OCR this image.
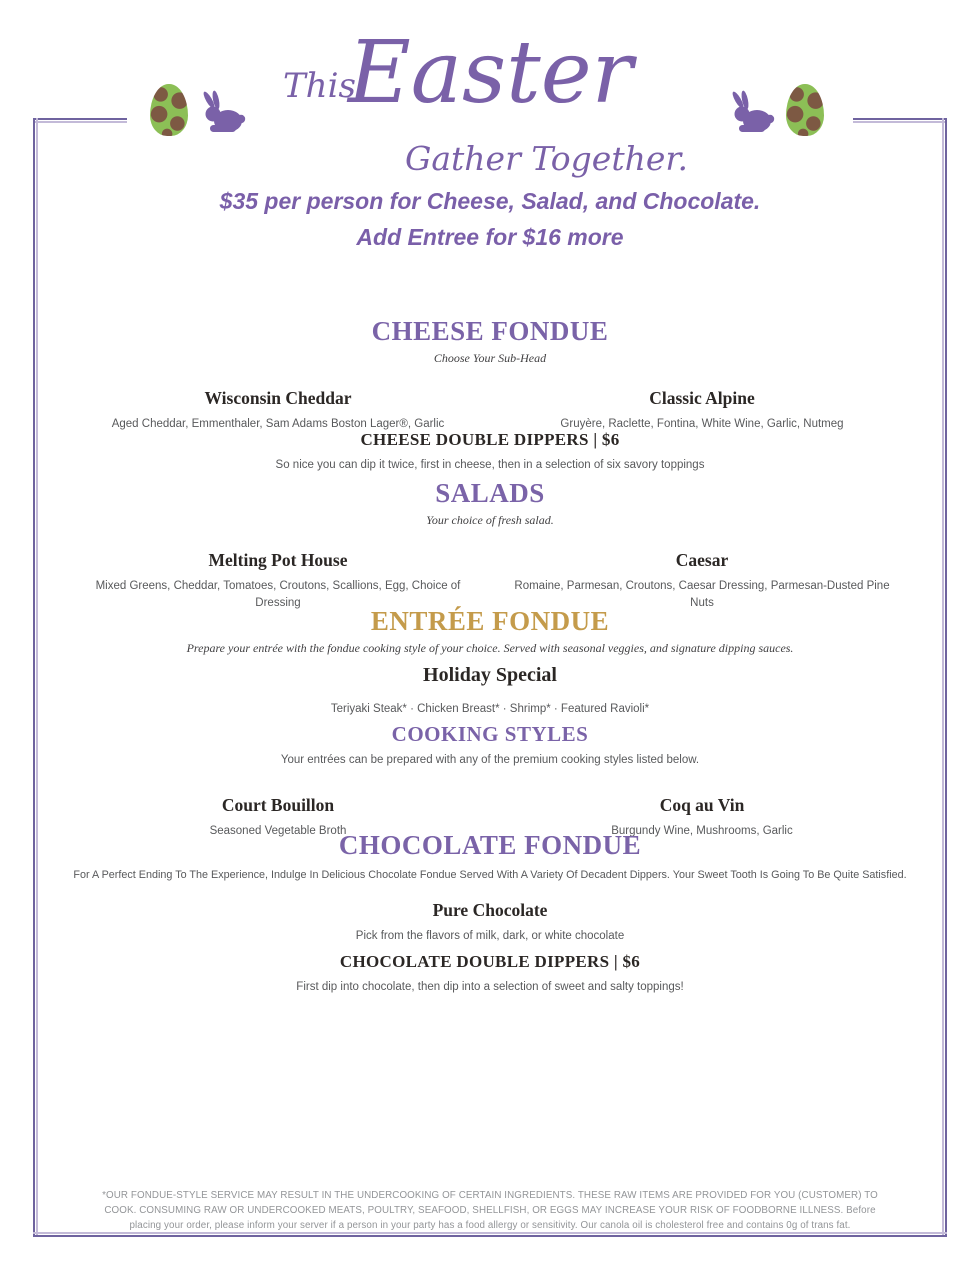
This
Easter
Gather Together.
$35 per person for Cheese, Salad, and Chocolate.
Add Entree for $16 more
CHEESE FONDUE
Choose Your Sub-Head
Wisconsin Cheddar
Aged Cheddar, Emmenthaler, Sam Adams Boston Lager®, Garlic
Classic Alpine
Gruyère, Raclette, Fontina, White Wine, Garlic, Nutmeg
CHEESE DOUBLE DIPPERS | $6
So nice you can dip it twice, first in cheese, then in a selection of six savory toppings
SALADS
Your choice of fresh salad.
Melting Pot House
Mixed Greens, Cheddar, Tomatoes, Croutons, Scallions, Egg, Choice of Dressing
Caesar
Romaine, Parmesan, Croutons, Caesar Dressing, Parmesan-Dusted Pine Nuts
ENTRÉE FONDUE
Prepare your entrée with the fondue cooking style of your choice. Served with seasonal veggies, and signature dipping sauces.
Holiday Special
Teriyaki Steak* · Chicken Breast* · Shrimp* · Featured Ravioli*
COOKING STYLES
Your entrées can be prepared with any of the premium cooking styles listed below.
Court Bouillon
Seasoned Vegetable Broth
Coq au Vin
Burgundy Wine, Mushrooms, Garlic
CHOCOLATE FONDUE
For A Perfect Ending To The Experience, Indulge In Delicious Chocolate Fondue Served With A Variety Of Decadent Dippers. Your Sweet Tooth Is Going To Be Quite Satisfied.
Pure Chocolate
Pick from the flavors of milk, dark, or white chocolate
CHOCOLATE DOUBLE DIPPERS | $6
First dip into chocolate, then dip into a selection of sweet and salty toppings!
*OUR FONDUE-STYLE SERVICE MAY RESULT IN THE UNDERCOOKING OF CERTAIN INGREDIENTS. THESE RAW ITEMS ARE PROVIDED FOR YOU (CUSTOMER) TO COOK. CONSUMING RAW OR UNDERCOOKED MEATS, POULTRY, SEAFOOD, SHELLFISH, OR EGGS MAY INCREASE YOUR RISK OF FOODBORNE ILLNESS. Before placing your order, please inform your server if a person in your party has a food allergy or sensitivity. Our canola oil is cholesterol free and contains 0g of trans fat.
